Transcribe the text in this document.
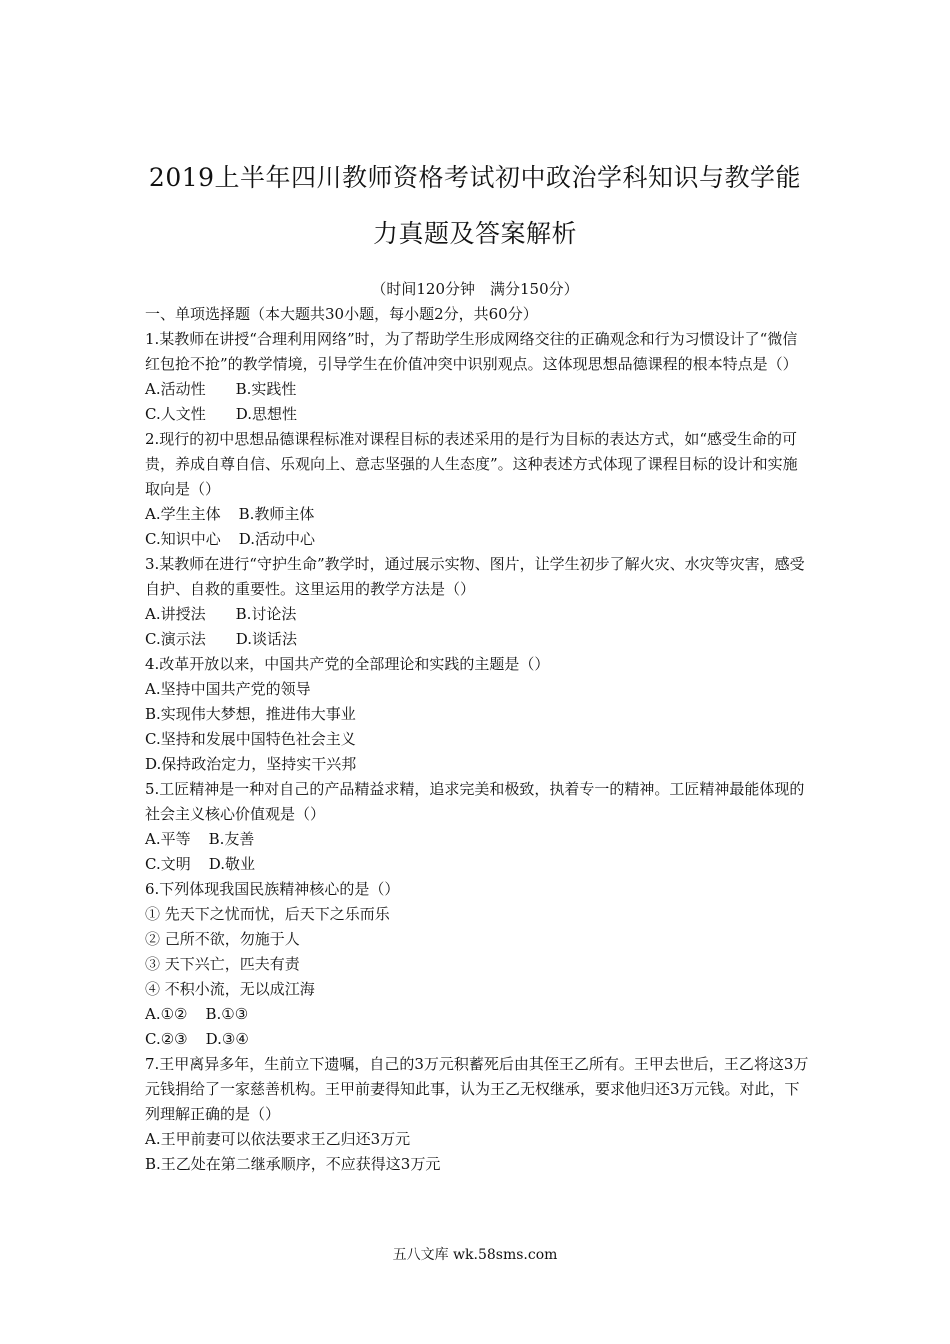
2019上半年四川教师资格考试初中政治学科知识与教学能
力真题及答案解析
（时间120分钟　满分150分）
一、单项选择题（本大题共30小题，每小题2分，共60分）
1.某教师在讲授“合理利用网络”时，为了帮助学生形成网络交往的正确观念和行为习惯设计了“微信红包抢不抢”的教学情境，引导学生在价值冲突中识别观点。这体现思想品德课程的根本特点是（）
A.活动性 B.实践性
C.人文性 D.思想性
2.现行的初中思想品德课程标准对课程目标的表述采用的是行为目标的表达方式，如“感受生命的可贵，养成自尊自信、乐观向上、意志坚强的人生态度”。这种表述方式体现了课程目标的设计和实施取向是（）
A.学生主体 B.教师主体
C.知识中心 D.活动中心
3.某教师在进行“守护生命”教学时，通过展示实物、图片，让学生初步了解火灾、水灾等灾害，感受自护、自救的重要性。这里运用的教学方法是（）
A.讲授法 B.讨论法
C.演示法 D.谈话法
4.改革开放以来，中国共产党的全部理论和实践的主题是（）
A.坚持中国共产党的领导
B.实现伟大梦想，推进伟大事业
C.坚持和发展中国特色社会主义
D.保持政治定力，坚持实干兴邦
5.工匠精神是一种对自己的产品精益求精，追求完美和极致，执着专一的精神。工匠精神最能体现的社会主义核心价值观是（）
A.平等 B.友善
C.文明 D.敬业
6.下列体现我国民族精神核心的是（）
① 先天下之忧而忧，后天下之乐而乐
② 己所不欲，勿施于人
③ 天下兴亡，匹夫有责
④ 不积小流，无以成江海
A.①② B.①③
C.②③ D.③④
7.王甲离异多年，生前立下遗嘱，自己的3万元积蓄死后由其侄王乙所有。王甲去世后，王乙将这3万元钱捐给了一家慈善机构。王甲前妻得知此事，认为王乙无权继承，要求他归还3万元钱。对此，下列理解正确的是（）
A.王甲前妻可以依法要求王乙归还3万元
B.王乙处在第二继承顺序，不应获得这3万元
五八文库 wk.58sms.com
